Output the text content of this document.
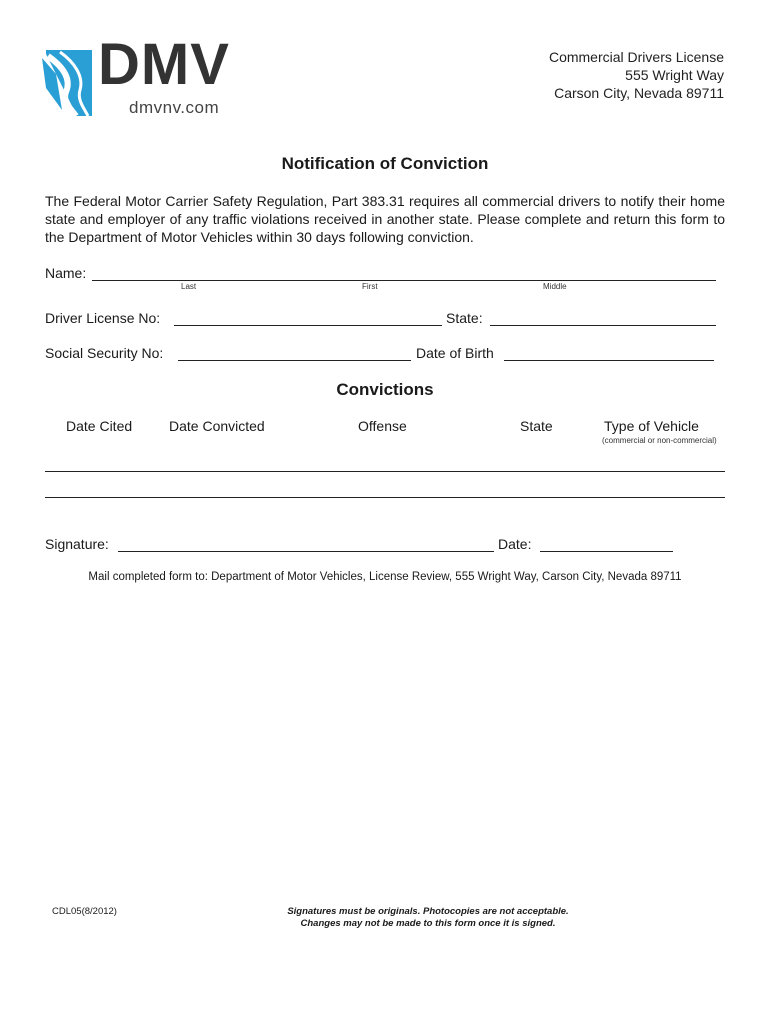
DMV
dmvnv.com
Commercial Drivers License
555 Wright Way
Carson City, Nevada 89711
Notification of Conviction
The Federal Motor Carrier Safety Regulation, Part 383.31 requires all commercial drivers to notify their home state and employer of any traffic violations received in another state. Please complete and return this form to the Department of Motor Vehicles within 30 days following conviction.
Name:
Last	First	Middle
Driver License No:	State:
Social Security No:	Date of Birth
Convictions
Date Cited	Date Convicted	Offense	State	Type of Vehicle
(commercial or non-commercial)
Signature:	Date:
Mail completed form to: Department of Motor Vehicles, License Review, 555 Wright Way, Carson City, Nevada 89711
CDL05(8/2012)	Signatures must be originals. Photocopies are not acceptable.
Changes may not be made to this form once it is signed.
